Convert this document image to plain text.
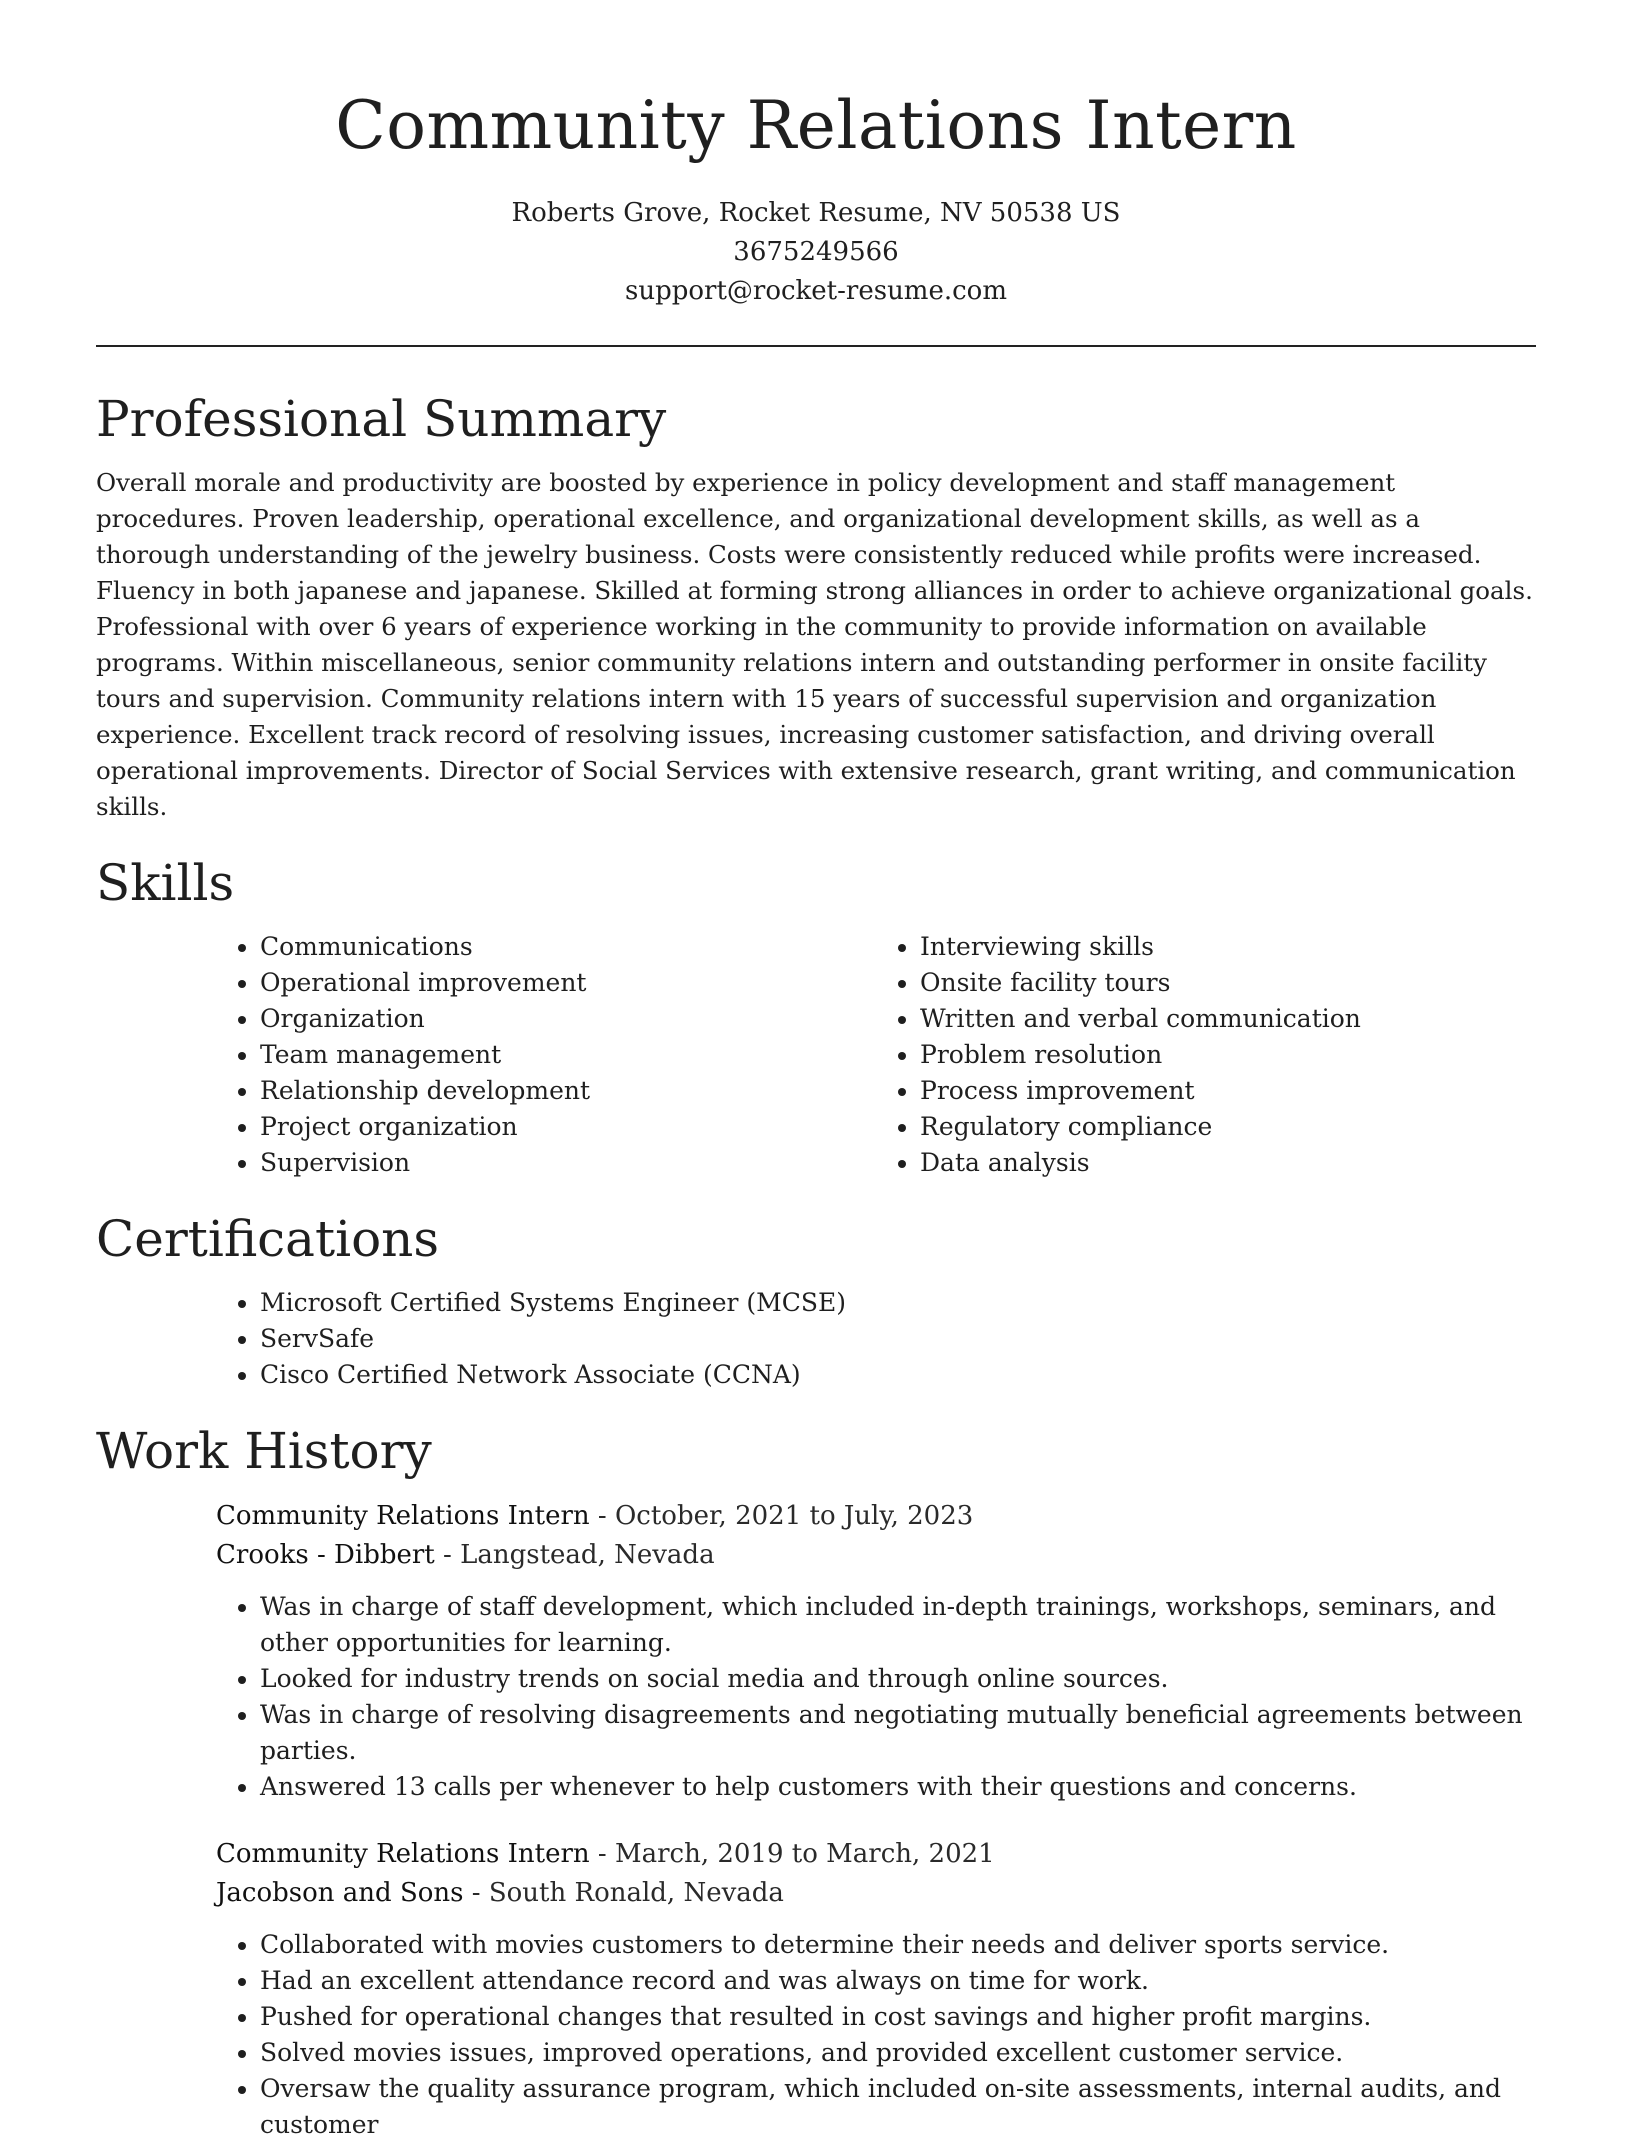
Community Relations Intern
Roberts Grove, Rocket Resume, NV 50538 US
3675249566
support@rocket-resume.com
Professional Summary

Overall morale and productivity are boosted by experience in policy development and staff management procedures. Proven leadership, operational excellence, and organizational development skills, as well as a thorough understanding of the jewelry business. Costs were consistently reduced while profits were increased. Fluency in both japanese and japanese. Skilled at forming strong alliances in order to achieve organizational goals. Professional with over 6 years of experience working in the community to provide information on available programs. Within miscellaneous, senior community relations intern and outstanding performer in onsite facility tours and supervision. Community relations intern with 15 years of successful supervision and organization experience. Excellent track record of resolving issues, increasing customer satisfaction, and driving overall operational improvements. Director of Social Services with extensive research, grant writing, and communication skills.

Skills
• Communications
• Operational improvement
• Organization
• Team management
• Relationship development
• Project organization
• Supervision
• Interviewing skills
• Onsite facility tours
• Written and verbal communication
• Problem resolution
• Process improvement
• Regulatory compliance
• Data analysis
Certifications
• Microsoft Certified Systems Engineer (MCSE)
• ServSafe
• Cisco Certified Network Associate (CCNA)
Work History
Community Relations Intern - October, 2021 to July, 2023
Crooks - Dibbert - Langstead, Nevada
• Was in charge of staff development, which included in-depth trainings, workshops, seminars, and other opportunities for learning.
• Looked for industry trends on social media and through online sources.
• Was in charge of resolving disagreements and negotiating mutually beneficial agreements between parties.
• Answered 13 calls per whenever to help customers with their questions and concerns.
Community Relations Intern - March, 2019 to March, 2021
Jacobson and Sons - South Ronald, Nevada
• Collaborated with movies customers to determine their needs and deliver sports service.
• Had an excellent attendance record and was always on time for work.
• Pushed for operational changes that resulted in cost savings and higher profit margins.
• Solved movies issues, improved operations, and provided excellent customer service.
• Oversaw the quality assurance program, which included on-site assessments, internal audits, and customer
